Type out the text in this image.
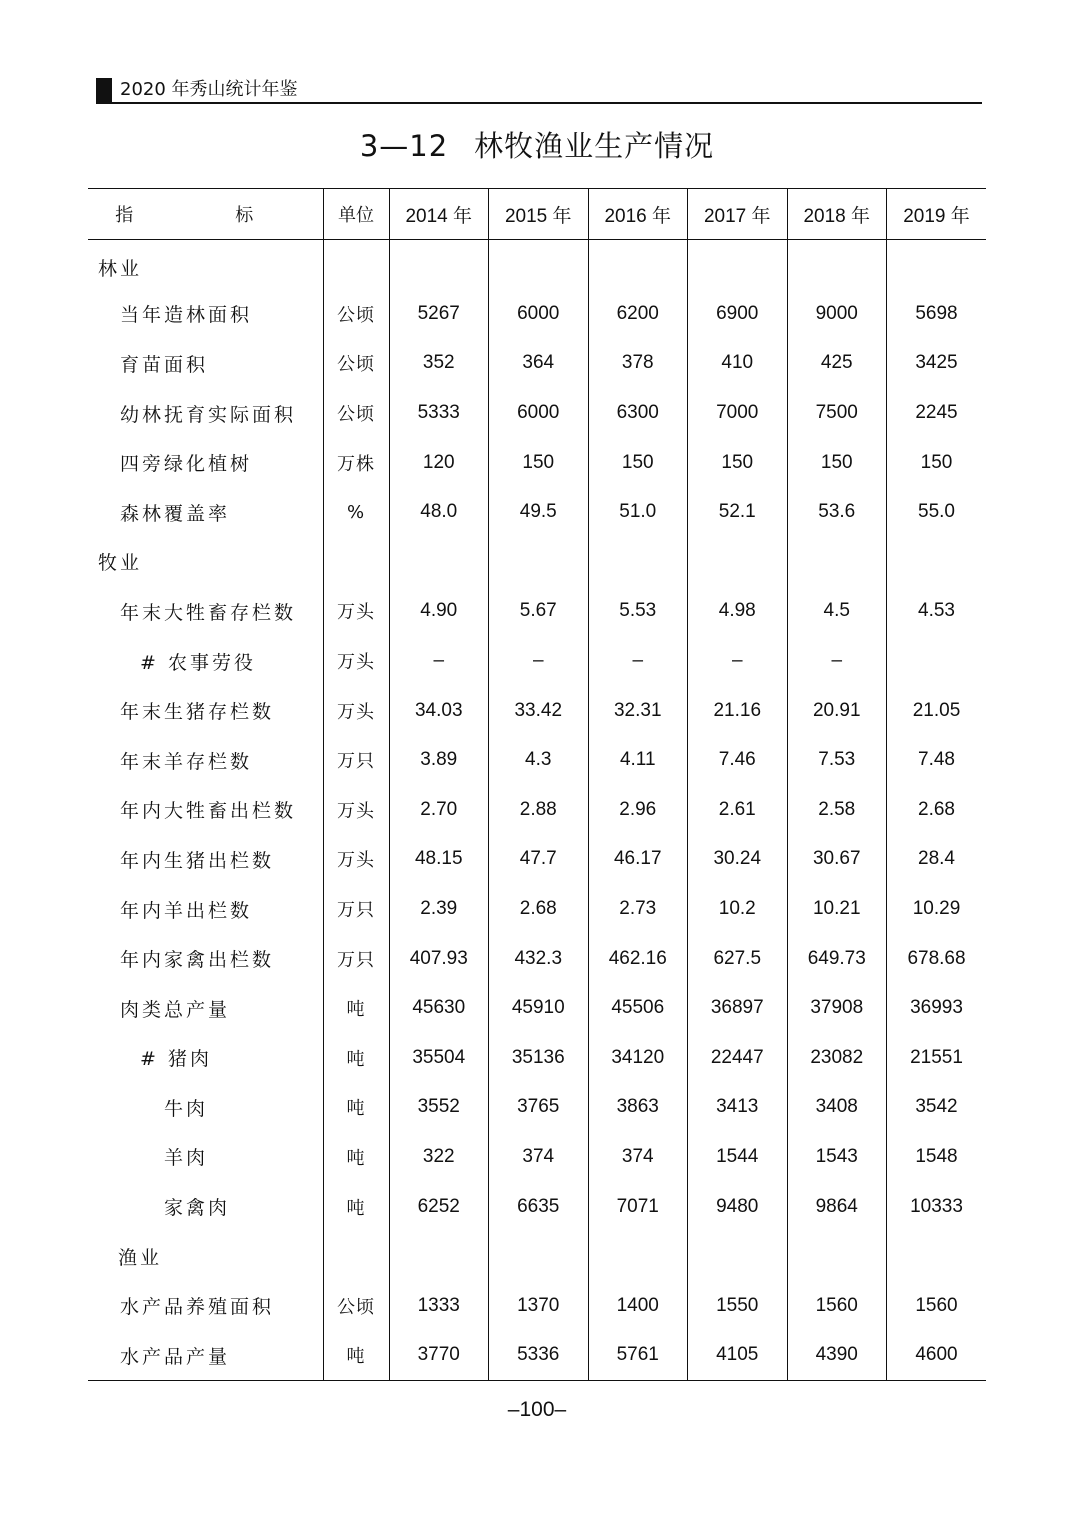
2020 年秀山统计年鉴
3—12 林牧渔业生产情况
指　标	单位	2014 年	2015 年	2016 年	2017 年	2018 年	2019 年
林业							
当年造林面积	公顷	5267	6000	6200	6900	9000	5698
育苗面积	公顷	352	364	378	410	425	3425
幼林抚育实际面积	公顷	5333	6000	6300	7000	7500	2245
四旁绿化植树	万株	120	150	150	150	150	150
森林覆盖率	%	48.0	49.5	51.0	52.1	53.6	55.0
牧业							
年末大牲畜存栏数	万头	4.90	5.67	5.53	4.98	4.5	4.53
# 农事劳役	万头	–	–	–	–	–	
年末生猪存栏数	万头	34.03	33.42	32.31	21.16	20.91	21.05
年末羊存栏数	万只	3.89	4.3	4.11	7.46	7.53	7.48
年内大牲畜出栏数	万头	2.70	2.88	2.96	2.61	2.58	2.68
年内生猪出栏数	万头	48.15	47.7	46.17	30.24	30.67	28.4
年内羊出栏数	万只	2.39	2.68	2.73	10.2	10.21	10.29
年内家禽出栏数	万只	407.93	432.3	462.16	627.5	649.73	678.68
肉类总产量	吨	45630	45910	45506	36897	37908	36993
# 猪肉	吨	35504	35136	34120	22447	23082	21551
牛肉	吨	3552	3765	3863	3413	3408	3542
羊肉	吨	322	374	374	1544	1543	1548
家禽肉	吨	6252	6635	7071	9480	9864	10333
渔业							
水产品养殖面积	公顷	1333	1370	1400	1550	1560	1560
水产品产量	吨	3770	5336	5761	4105	4390	4600
–100–
